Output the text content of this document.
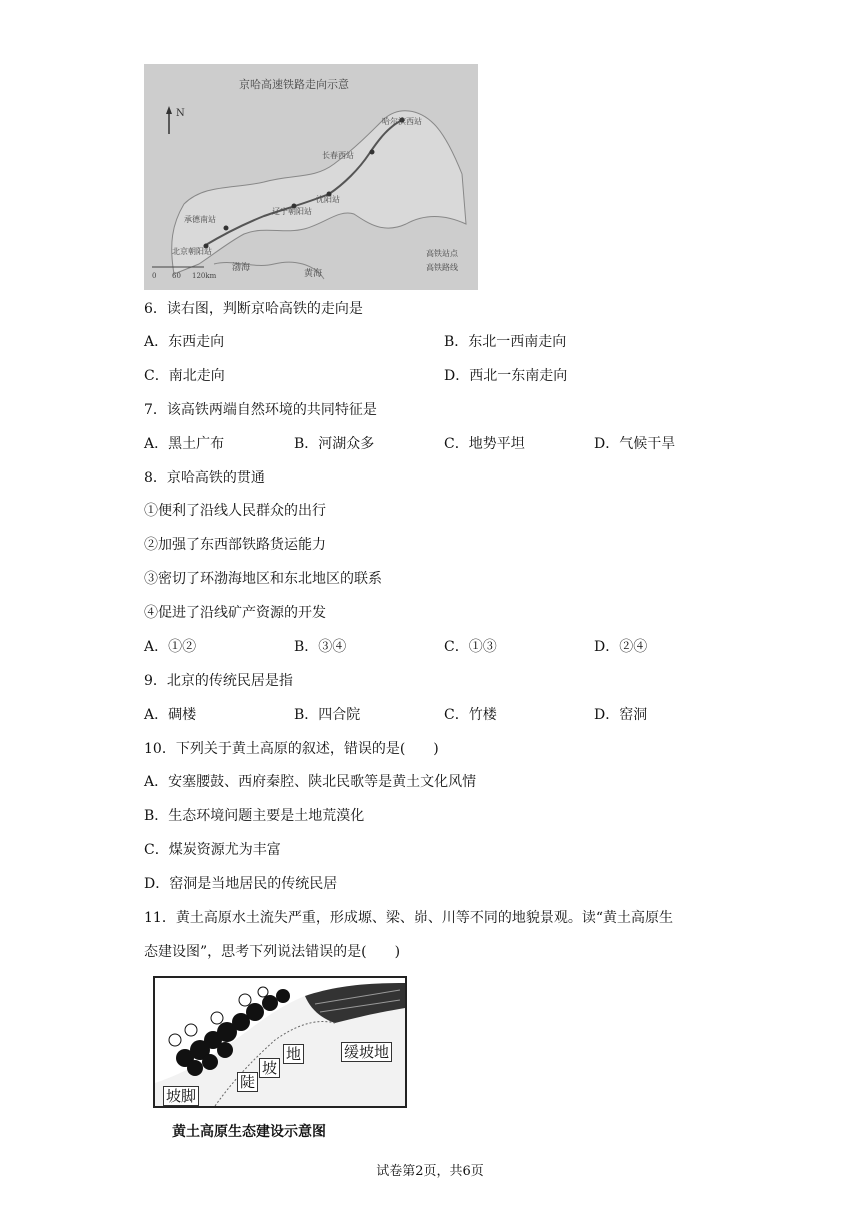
京哈高速铁路走向示意
N
哈尔滨西站
长春西站
沈阳站
辽宁朝阳站
承德南站
北京朝阳站
渤海
黄海
高铁站点
高铁路线
0 60 120km
6．读右图，判断京哈高铁的走向是
A．东西走向	B．东北一西南走向
C．南北走向	D．西北一东南走向
7．该高铁两端自然环境的共同特征是
A．黑土广布	B．河湖众多	C．地势平坦	D．气候干旱
8．京哈高铁的贯通
①便利了沿线人民群众的出行
②加强了东西部铁路货运能力
③密切了环渤海地区和东北地区的联系
④促进了沿线矿产资源的开发
A．①②	B．③④	C．①③	D．②④
9．北京的传统民居是指
A．碉楼	B．四合院	C．竹楼	D．窑洞
10．下列关于黄土高原的叙述，错误的是(　　)
A．安塞腰鼓、西府秦腔、陕北民歌等是黄土文化风情
B．生态环境问题主要是土地荒漠化
C．煤炭资源尤为丰富
D．窑洞是当地居民的传统民居
11．黄土高原水土流失严重，形成塬、梁、峁、川等不同的地貌景观。读“黄土高原生
态建设图”，思考下列说法错误的是(　　)
缓坡地
陡
坡
地
坡脚
黄土高原生态建设示意图
试卷第2页，共6页
